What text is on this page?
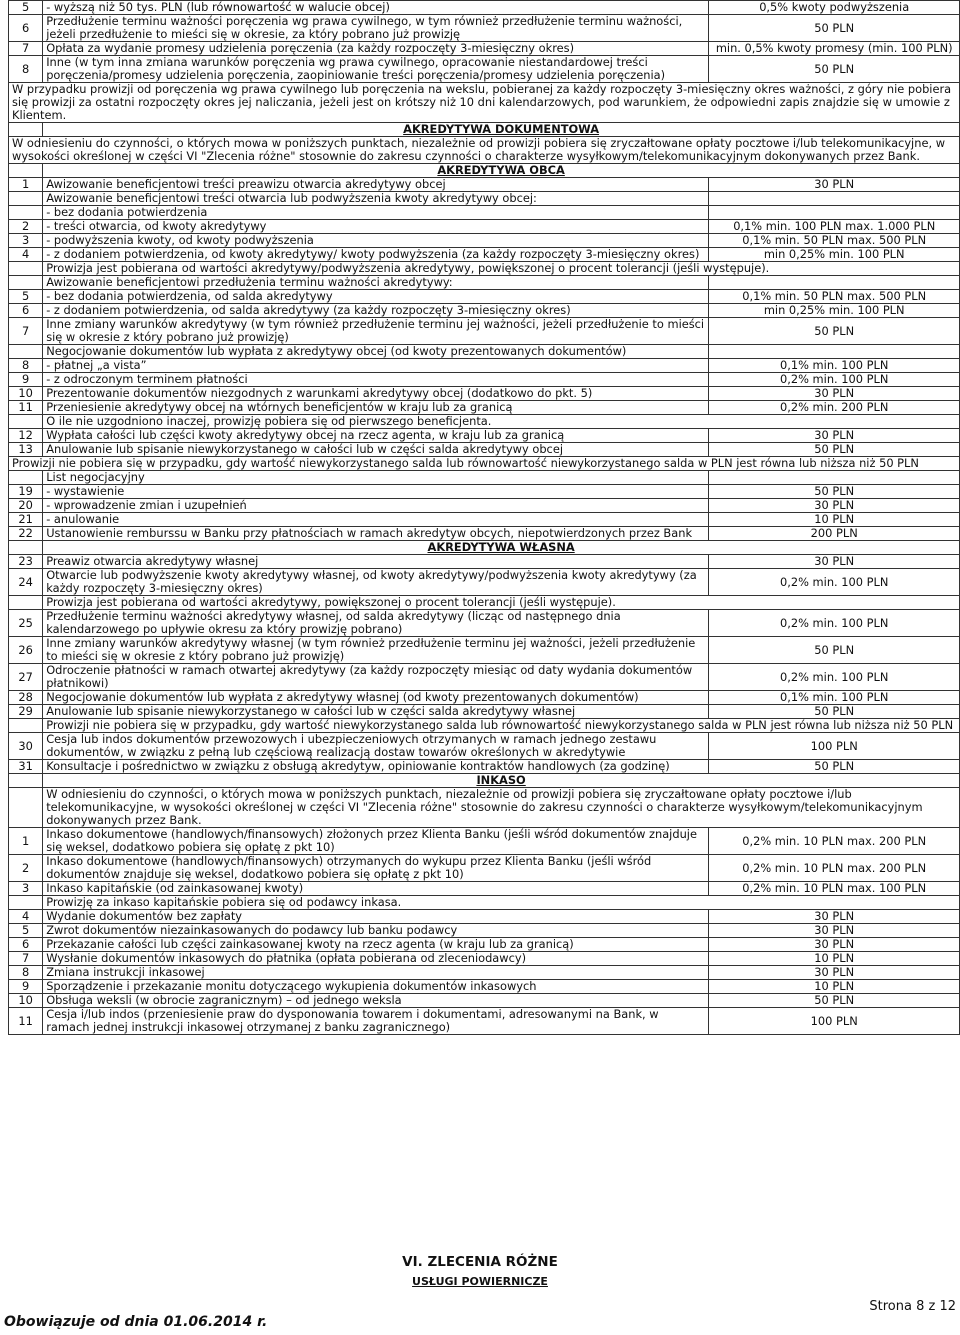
5	- wyższą niż 50 tys. PLN (lub równowartość w walucie obcej)	0,5% kwoty podwyższenia
6	Przedłużenie terminu ważności poręczenia wg prawa cywilnego, w tym również przedłużenie terminu ważności, jeżeli przedłużenie to mieści się w okresie, za który pobrano już prowizję	50 PLN
7	Opłata za wydanie promesy udzielenia poręczenia (za każdy rozpoczęty 3-miesięczny okres)	min. 0,5% kwoty promesy (min. 100 PLN)
8	Inne (w tym inna zmiana warunków poręczenia wg prawa cywilnego, opracowanie niestandardowej treści poręczenia/promesy udzielenia poręczenia, zaopiniowanie treści poręczenia/promesy udzielenia poręczenia)	50 PLN
W przypadku prowizji od poręczenia wg prawa cywilnego lub poręczenia na wekslu, pobieranej za każdy rozpoczęty 3-miesięczny okres ważności, z góry nie pobiera się prowizji za ostatni rozpoczęty okres jej naliczania, jeżeli jest on krótszy niż 10 dni kalendarzowych, pod warunkiem, że odpowiedni zapis znajdzie się w umowie z Klientem.		
	AKREDYTYWA DOKUMENTOWA	
W odniesieniu do czynności, o których mowa w poniższych punktach, niezależnie od prowizji pobiera się zryczałtowane opłaty pocztowe i/lub telekomunikacyjne, w wysokości określonej w części VI "Zlecenia różne" stosownie do zakresu czynności o charakterze wysyłkowym/telekomunikacyjnym dokonywanych przez Bank.		
	AKREDYTYWA OBCA	
1	Awizowanie beneficjentowi treści preawizu otwarcia akredytywy obcej	30 PLN
	Awizowanie beneficjentowi treści otwarcia lub podwyższenia kwoty akredytywy obcej:	
	- bez dodania potwierdzenia	
2	- treści otwarcia, od kwoty akredytywy	0,1% min. 100 PLN max. 1.000 PLN
3	- podwyższenia kwoty, od kwoty podwyższenia	0,1% min. 50 PLN max. 500 PLN
4	- z dodaniem potwierdzenia, od kwoty akredytywy/ kwoty podwyższenia (za każdy rozpoczęty 3-miesięczny okres)	min 0,25% min. 100 PLN
	Prowizja jest pobierana od wartości akredytywy/podwyższenia akredytywy, powiększonej o procent tolerancji (jeśli występuje).	
	Awizowanie beneficjentowi przedłużenia terminu ważności akredytywy:	
5	- bez dodania potwierdzenia, od salda akredytywy	0,1% min. 50 PLN max. 500 PLN
6	- z dodaniem potwierdzenia, od salda akredytywy (za każdy rozpoczęty 3-miesięczny okres)	min 0,25% min. 100 PLN
7	Inne zmiany warunków akredytywy (w tym również przedłużenie terminu jej ważności, jeżeli przedłużenie to mieści się w okresie z który pobrano już prowizję)	50 PLN
	Negocjowanie dokumentów lub wypłata z akredytywy obcej (od kwoty prezentowanych dokumentów)	
8	- płatnej „a vista”	0,1% min. 100 PLN
9	- z odroczonym terminem płatności	0,2% min. 100 PLN
10	Prezentowanie dokumentów niezgodnych z warunkami akredytywy obcej (dodatkowo do pkt. 5)	30 PLN
11	Przeniesienie akredytywy obcej na wtórnych beneficjentów w kraju lub za granicą	0,2% min. 200 PLN
	O ile nie uzgodniono inaczej, prowizję pobiera się od pierwszego beneficjenta.	
12	Wypłata całości lub części kwoty akredytywy obcej na rzecz agenta, w kraju lub za granicą	30 PLN
13	Anulowanie lub spisanie niewykorzystanego w całości lub w części salda akredytywy obcej	50 PLN
Prowizji nie pobiera się w przypadku, gdy wartość niewykorzystanego salda lub równowartość niewykorzystanego salda w PLN jest równa lub niższa niż 50 PLN		
	List negocjacyjny	
19	- wystawienie	50 PLN
20	- wprowadzenie zmian i uzupełnień	30 PLN
21	- anulowanie	10 PLN
22	Ustanowienie remburssu w Banku przy płatnościach w ramach akredytyw obcych, niepotwierdzonych przez Bank	200 PLN
	AKREDYTYWA WŁASNA	
23	Preawiz otwarcia akredytywy własnej	30 PLN
24	Otwarcie lub podwyższenie kwoty akredytywy własnej, od kwoty akredytywy/podwyższenia kwoty akredytywy (za każdy rozpoczęty 3-miesięczny okres)	0,2% min. 100 PLN
	Prowizja jest pobierana od wartości akredytywy, powiększonej o procent tolerancji (jeśli występuje).	
25	Przedłużenie terminu ważności akredytywy własnej, od salda akredytywy (licząc od następnego dnia kalendarzowego po upływie okresu za który prowizję pobrano)	0,2% min. 100 PLN
26	Inne zmiany warunków akredytywy własnej (w tym również przedłużenie terminu jej ważności, jeżeli przedłużenie to mieści się w okresie z który pobrano już prowizję)	50 PLN
27	Odroczenie płatności w ramach otwartej akredytywy (za każdy rozpoczęty miesiąc od daty wydania dokumentów płatnikowi)	0,2% min. 100 PLN
28	Negocjowanie dokumentów lub wypłata z akredytywy własnej (od kwoty prezentowanych dokumentów)	0,1% min. 100 PLN
29	Anulowanie lub spisanie niewykorzystanego w całości lub w części salda akredytywy własnej	50 PLN
	Prowizji nie pobiera się w przypadku, gdy wartość niewykorzystanego salda lub równowartość niewykorzystanego salda w PLN jest równa lub niższa niż 50 PLN	
30	Cesja lub indos dokumentów przewozowych i ubezpieczeniowych otrzymanych w ramach jednego zestawu dokumentów, w związku z pełną lub częściową realizacją dostaw towarów określonych w akredytywie	100 PLN
31	Konsultacje i pośrednictwo w związku z obsługą akredytyw, opiniowanie kontraktów handlowych (za godzinę)	50 PLN
	INKASO	
	W odniesieniu do czynności, o których mowa w poniższych punktach, niezależnie od prowizji pobiera się zryczałtowane opłaty pocztowe i/lub telekomunikacyjne, w wysokości określonej w części VI "Zlecenia różne" stosownie do zakresu czynności o charakterze wysyłkowym/telekomunikacyjnym dokonywanych przez Bank.	
1	Inkaso dokumentowe (handlowych/finansowych) złożonych przez Klienta Banku (jeśli wśród dokumentów znajduje się weksel, dodatkowo pobiera się opłatę z pkt 10)	0,2% min. 10 PLN max. 200 PLN
2	Inkaso dokumentowe (handlowych/finansowych) otrzymanych do wykupu przez Klienta Banku (jeśli wśród dokumentów znajduje się weksel, dodatkowo pobiera się opłatę z pkt 10)	0,2% min. 10 PLN max. 200 PLN
3	Inkaso kapitańskie (od zainkasowanej kwoty)	0,2% min. 10 PLN max. 100 PLN
	Prowizję za inkaso kapitańskie pobiera się od podawcy inkasa.	
4	Wydanie dokumentów bez zapłaty	30 PLN
5	Zwrot dokumentów niezainkasowanych do podawcy lub banku podawcy	30 PLN
6	Przekazanie całości lub części zainkasowanej kwoty na rzecz agenta (w kraju lub za granicą)	30 PLN
7	Wysłanie dokumentów inkasowych do płatnika (opłata pobierana od zleceniodawcy)	10 PLN
8	Zmiana instrukcji inkasowej	30 PLN
9	Sporządzenie i przekazanie monitu dotyczącego wykupienia dokumentów inkasowych	10 PLN
10	Obsługa weksli (w obrocie zagranicznym) – od jednego weksla	50 PLN
11	Cesja i/lub indos (przeniesienie praw do dysponowania towarem i dokumentami, adresowanymi na Bank, w ramach jednej instrukcji inkasowej otrzymanej z banku zagranicznego)	100 PLN
VI. ZLECENIA RÓŻNE
USŁUGI POWIERNICZE
Obowiązuje od dnia 01.06.2014 r.
Strona 8 z 12
